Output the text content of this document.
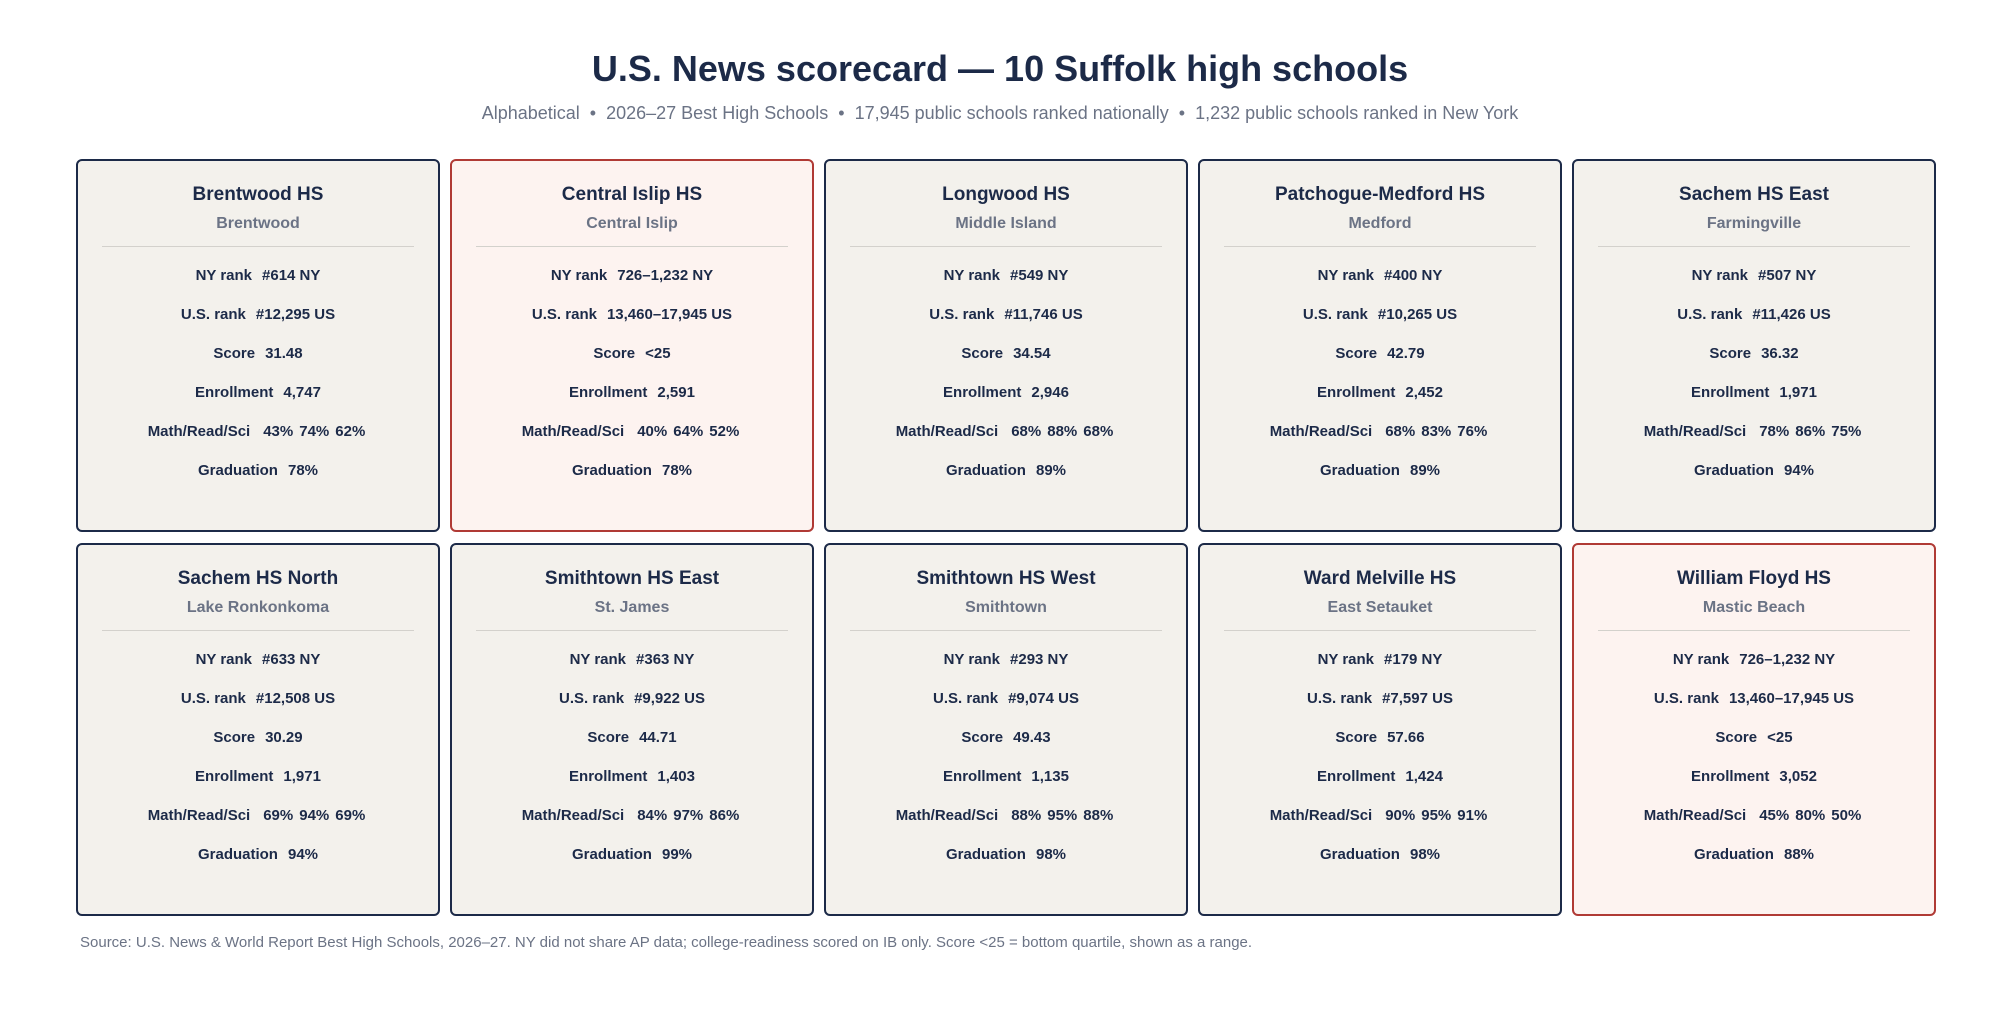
U.S. News scorecard — 10 Suffolk high schools
Alphabetical • 2026–27 Best High Schools • 17,945 public schools ranked nationally • 1,232 public schools ranked in New York
Brentwood HS
Brentwood
NY rank #614 NY
U.S. rank #12,295 US
Score 31.48
Enrollment 4,747
Math/Read/Sci 43% 74% 62%
Graduation 78%
Central Islip HS
Central Islip
NY rank 726–1,232 NY
U.S. rank 13,460–17,945 US
Score <25
Enrollment 2,591
Math/Read/Sci 40% 64% 52%
Graduation 78%
Longwood HS
Middle Island
NY rank #549 NY
U.S. rank #11,746 US
Score 34.54
Enrollment 2,946
Math/Read/Sci 68% 88% 68%
Graduation 89%
Patchogue-Medford HS
Medford
NY rank #400 NY
U.S. rank #10,265 US
Score 42.79
Enrollment 2,452
Math/Read/Sci 68% 83% 76%
Graduation 89%
Sachem HS East
Farmingville
NY rank #507 NY
U.S. rank #11,426 US
Score 36.32
Enrollment 1,971
Math/Read/Sci 78% 86% 75%
Graduation 94%
Sachem HS North
Lake Ronkonkoma
NY rank #633 NY
U.S. rank #12,508 US
Score 30.29
Enrollment 1,971
Math/Read/Sci 69% 94% 69%
Graduation 94%
Smithtown HS East
St. James
NY rank #363 NY
U.S. rank #9,922 US
Score 44.71
Enrollment 1,403
Math/Read/Sci 84% 97% 86%
Graduation 99%
Smithtown HS West
Smithtown
NY rank #293 NY
U.S. rank #9,074 US
Score 49.43
Enrollment 1,135
Math/Read/Sci 88% 95% 88%
Graduation 98%
Ward Melville HS
East Setauket
NY rank #179 NY
U.S. rank #7,597 US
Score 57.66
Enrollment 1,424
Math/Read/Sci 90% 95% 91%
Graduation 98%
William Floyd HS
Mastic Beach
NY rank 726–1,232 NY
U.S. rank 13,460–17,945 US
Score <25
Enrollment 3,052
Math/Read/Sci 45% 80% 50%
Graduation 88%
Source: U.S. News & World Report Best High Schools, 2026–27. NY did not share AP data; college-readiness scored on IB only. Score <25 = bottom quartile, shown as a range.
